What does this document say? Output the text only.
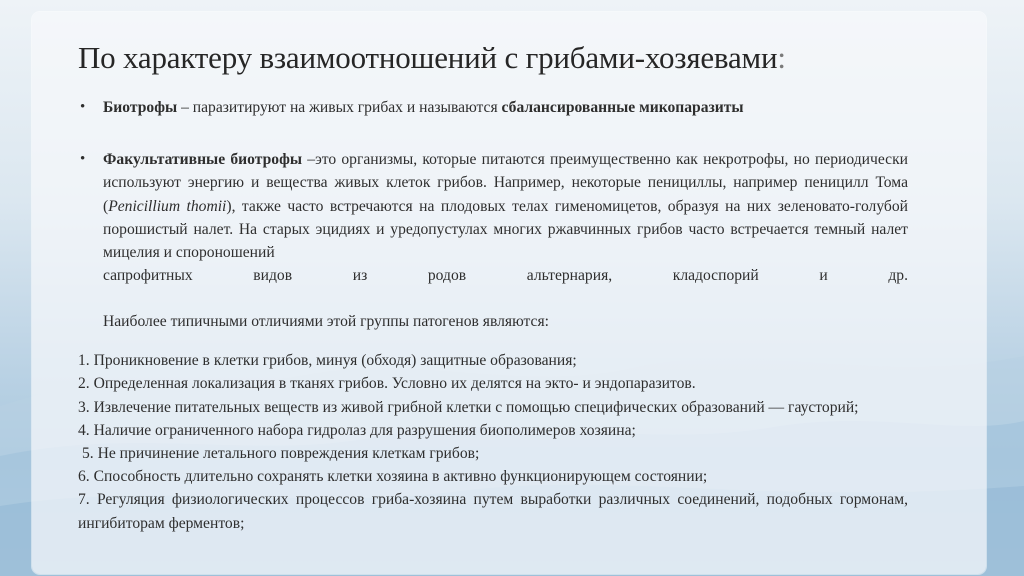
По характеру взаимоотношений с грибами-хозяевами:

• Биотрофы – паразитируют на живых грибах и называются сбалансированные микопаразиты

• Факультативные биотрофы –это организмы, которые питаются преимущественно как некротрофы, но периодически используют энергию и вещества живых клеток грибов. Например, некоторые пенициллы, например пеницилл Тома (Penicillium thomii), также часто встречаются на плодовых телах гименомицетов, образуя на них зеленовато-голубой порошистый налет. На старых эцидиях и уредопустулах многих ржавчинных грибов часто встречается темный налет мицелия и спороношений
сапрофитных видов из родов альтернария, кладоспорий и др.

Наиболее типичными отличиями этой группы патогенов являются:

1. Проникновение в клетки грибов, минуя (обходя) защитные образования;
2. Определенная локализация в тканях грибов. Условно их делятся на экто- и эндопаразитов.
3. Извлечение питательных веществ из живой грибной клетки с помощью специфических образований — гаусторий;
4. Наличие ограниченного набора гидролаз для разрушения биополимеров хозяина;
5. Не причинение летального повреждения клеткам грибов;
6. Способность длительно сохранять клетки хозяина в активно функционирующем состоянии;
7. Регуляция физиологических процессов гриба-хозяина путем выработки различных соединений, подобных гормонам, ингибиторам ферментов;
